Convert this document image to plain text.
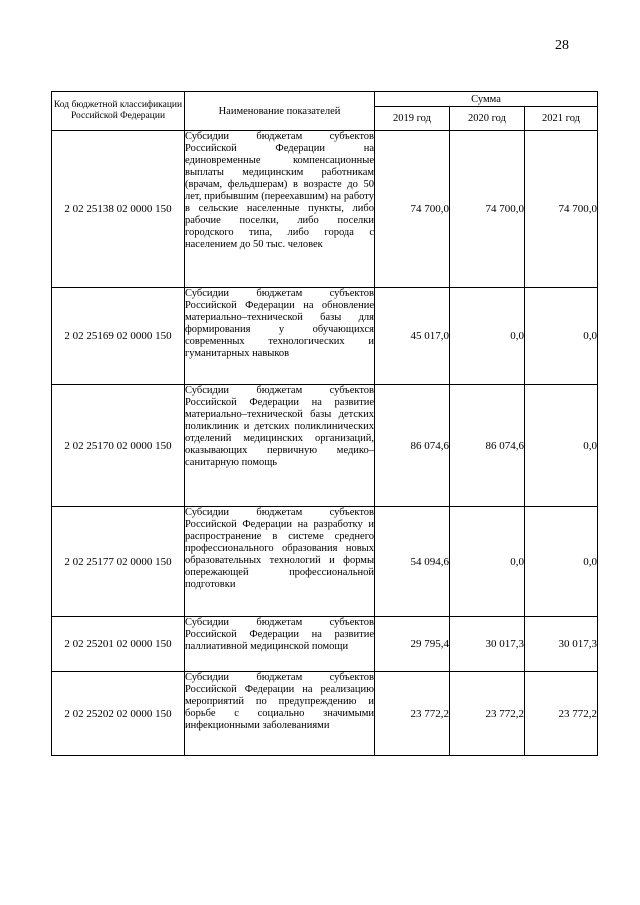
28
Код бюджетной классификации Российской Федерации	Наименование показателей	Сумма		
		2019 год	2020 год	2021 год
2 02 25138 02 0000 150	Субсидии бюджетам субъектов Российской Федерации на единовременные компенсационные выплаты медицинским работникам (врачам, фельдшерам) в возрасте до 50 лет, прибывшим (переехавшим) на работу в сельские населенные пункты, либо рабочие поселки, либо поселки городского типа, либо города с населением до 50 тыс. человек	74 700,0	74 700,0	74 700,0
2 02 25169 02 0000 150	Субсидии бюджетам субъектов Российской Федерации на обновление материально–технической базы для формирования у обучающихся современных технологических и гуманитарных навыков	45 017,0	0,0	0,0
2 02 25170 02 0000 150	Субсидии бюджетам субъектов Российской Федерации на развитие материально–технической базы детских поликлиник и детских поликлинических отделений медицинских организаций, оказывающих первичную медико–санитарную помощь	86 074,6	86 074,6	0,0
2 02 25177 02 0000 150	Субсидии бюджетам субъектов Российской Федерации на разработку и распространение в системе среднего профессионального образования новых образовательных технологий и формы опережающей профессиональной подготовки	54 094,6	0,0	0,0
2 02 25201 02 0000 150	Субсидии бюджетам субъектов Российской Федерации на развитие паллиативной медицинской помощи	29 795,4	30 017,3	30 017,3
2 02 25202 02 0000 150	Субсидии бюджетам субъектов Российской Федерации на реализацию мероприятий по предупреждению и борьбе с социально значимыми инфекционными заболеваниями	23 772,2	23 772,2	23 772,2
